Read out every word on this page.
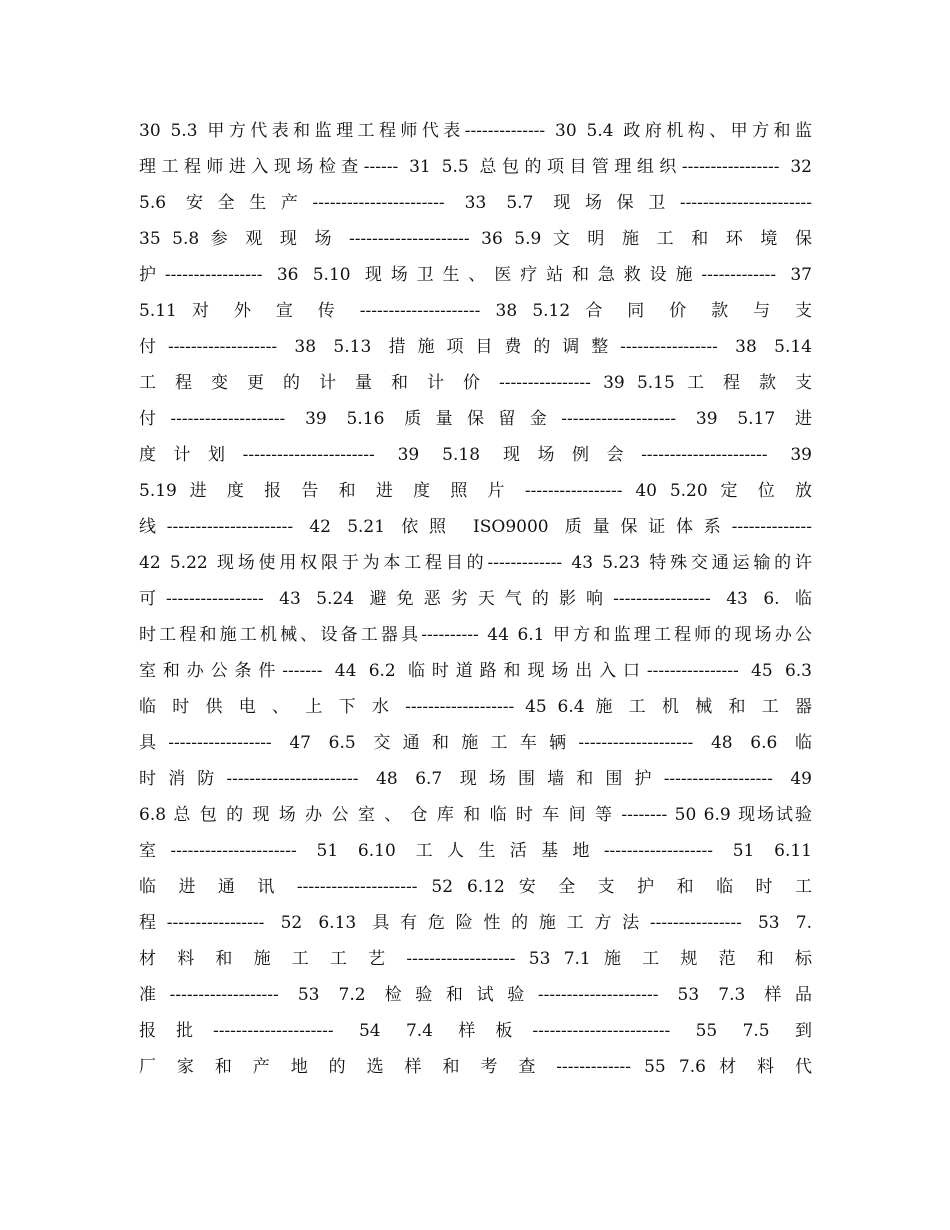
30 5.3 甲方代表和监理工程师代表-------------- 30 5.4 政府机构、甲方和监
理工程师进入现场检查------ 31 5.5 总包的项目管理组织----------------- 32
5.6 安全生产----------------------- 33 5.7 现场保卫-----------------------
35 5.8 参 观 现 场 --------------------- 36 5.9 文 明 施 工 和 环 境 保
护----------------- 36 5.10 现场卫生、医疗站和急救设施------------- 37
5.11 对 外 宣 传 --------------------- 38 5.12 合 同 价 款 与 支
付------------------- 38 5.13 措施项目费的调整----------------- 38 5.14
工 程 变 更 的 计 量 和 计 价 ---------------- 39 5.15 工 程 款 支
付-------------------- 39 5.16 质量保留金-------------------- 39 5.17 进
度计划----------------------- 39 5.18 现场例会---------------------- 39
5.19 进 度 报 告 和 进 度 照 片 ----------------- 40 5.20 定 位 放
线---------------------- 42 5.21 依照 ISO9000 质量保证体系--------------
42 5.22 现场使用权限于为本工程目的------------- 43 5.23 特殊交通运输的许
可----------------- 43 5.24 避免恶劣天气的影响----------------- 43 6. 临
时工程和施工机械、设备工器具---------- 44 6.1 甲方和监理工程师的现场办公
室和办公条件------- 44 6.2 临时道路和现场出入口---------------- 45 6.3
临 时 供 电 、 上 下 水 ------------------- 45 6.4 施 工 机 械 和 工 器
具------------------ 47 6.5 交通和施工车辆-------------------- 48 6.6 临
时消防----------------------- 48 6.7 现场围墙和围护------------------- 49
6.8 总 包 的 现 场 办 公 室 、 仓 库 和 临 时 车 间 等 -------- 50 6.9 现场试验
室---------------------- 51 6.10 工人生活基地------------------- 51 6.11
临 进 通 讯 --------------------- 52 6.12 安 全 支 护 和 临 时 工
程----------------- 52 6.13 具有危险性的施工方法---------------- 53 7.
材 料 和 施 工 工 艺 ------------------- 53 7.1 施 工 规 范 和 标
准------------------- 53 7.2 检验和试验--------------------- 53 7.3 样品
报批--------------------- 54 7.4 样板------------------------ 55 7.5 到
厂 家 和 产 地 的 选 样 和 考 查 ------------- 55 7.6 材 料 代
